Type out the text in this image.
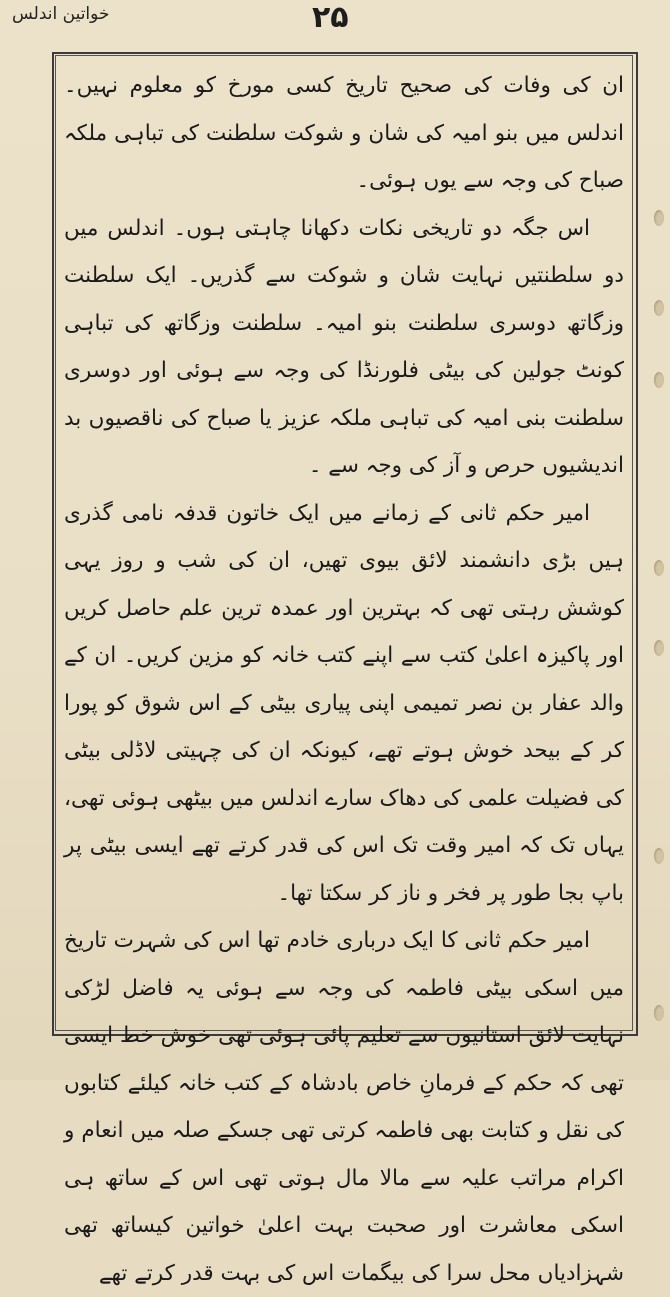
خواتین اندلس	۲۵

ان کی وفات کی صحیح تاریخ کسی مورخ کو معلوم نہیں۔ اندلس میں بنو امیہ کی شان و شوکت سلطنت کی تباہی ملکہ صباح کی وجہ سے یوں ہوئی۔

اس جگہ دو تاریخی نکات دکھانا چاہتی ہوں۔ اندلس میں دو سلطنتیں نہایت شان و شوکت سے گذریں۔ ایک سلطنت وزگاتھ دوسری سلطنت بنو امیہ۔ سلطنت وزگاتھ کی تباہی کونٹ جولین کی بیٹی فلورنڈا کی وجہ سے ہوئی اور دوسری سلطنت بنی امیہ کی تباہی ملکہ عزیز یا صباح کی ناقصیوں بد اندیشیوں حرص و آز کی وجہ سے ۔

امیر حکم ثانی کے زمانے میں ایک خاتون قدفہ نامی گذری ہیں بڑی دانشمند لائق بیوی تھیں، ان کی شب و روز یہی کوشش رہتی تھی کہ بہترین اور عمدہ ترین علم حاصل کریں اور پاکیزہ اعلیٰ کتب سے اپنے کتب خانہ کو مزین کریں۔ ان کے والد عفار بن نصر تمیمی اپنی پیاری بیٹی کے اس شوق کو پورا کر کے بیحد خوش ہوتے تھے، کیونکہ ان کی چہیتی لاڈلی بیٹی کی فضیلت علمی کی دھاک سارے اندلس میں بیٹھی ہوئی تھی، یہاں تک کہ امیر وقت تک اس کی قدر کرتے تھے ایسی بیٹی پر باپ بجا طور پر فخر و ناز کر سکتا تھا۔

امیر حکم ثانی کا ایک درباری خادم تھا اس کی شہرت تاریخ میں اسکی بیٹی فاطمہ کی وجہ سے ہوئی یہ فاضل لڑکی نہایت لائق استانیوں سے تعلیم پائی ہوئی تھی خوش خط ایسی تھی کہ حکم کے فرمانِ خاص بادشاہ کے کتب خانہ کیلئے کتابوں کی نقل و کتابت بھی فاطمہ کرتی تھی جسکے صلہ میں انعام و اکرام مراتب علیہ سے مالا مال ہوتی تھی اس کے ساتھ ہی اسکی معاشرت اور صحبت بہت اعلیٰ خواتین کیساتھ تھی شہزادیاں محل سرا کی بیگمات اس کی بہت قدر کرتے تھے
